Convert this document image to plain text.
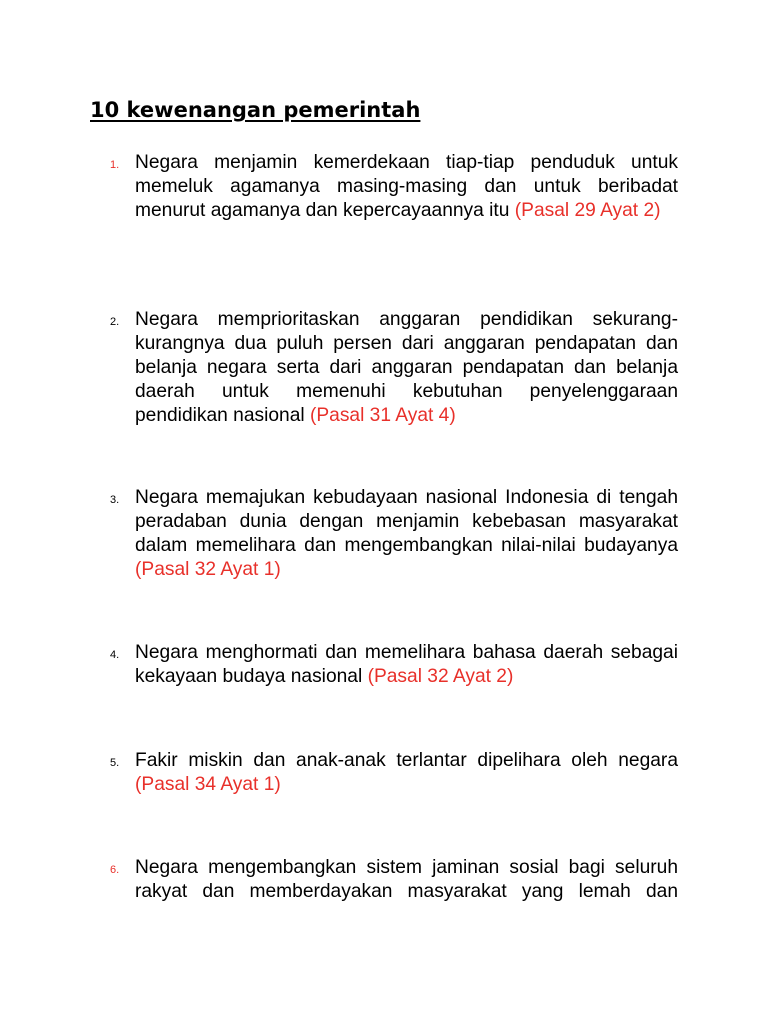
10 kewenangan pemerintah
1. Negara menjamin kemerdekaan tiap-tiap penduduk untuk memeluk agamanya masing-masing dan untuk beribadat menurut agamanya dan kepercayaannya itu (Pasal 29 Ayat 2)
2. Negara memprioritaskan anggaran pendidikan sekurang-kurangnya dua puluh persen dari anggaran pendapatan dan belanja negara serta dari anggaran pendapatan dan belanja daerah untuk memenuhi kebutuhan penyelenggaraan pendidikan nasional (Pasal 31 Ayat 4)
3. Negara memajukan kebudayaan nasional Indonesia di tengah peradaban dunia dengan menjamin kebebasan masyarakat dalam memelihara dan mengembangkan nilai-nilai budayanya (Pasal 32 Ayat 1)
4. Negara menghormati dan memelihara bahasa daerah sebagai kekayaan budaya nasional (Pasal 32 Ayat 2)
5. Fakir miskin dan anak-anak terlantar dipelihara oleh negara (Pasal 34 Ayat 1)
6. Negara mengembangkan sistem jaminan sosial bagi seluruh rakyat dan memberdayakan masyarakat yang lemah dan
